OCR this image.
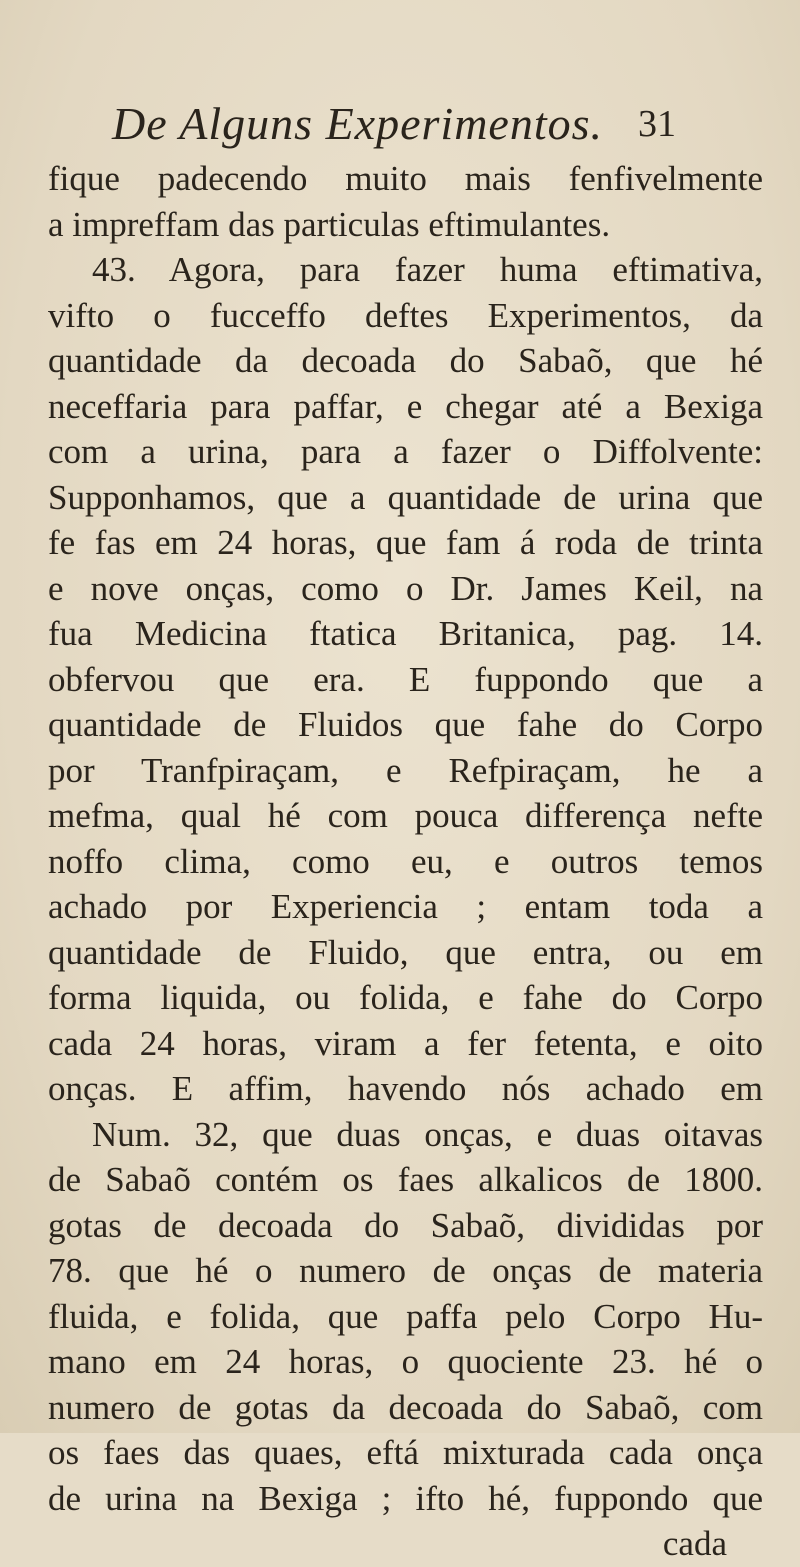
De Alguns Experimentos. 31
fique padecendo muito mais fenfivelmente
a impreffam das particulas eftimulantes.
43. Agora, para fazer huma eftimativa,
vifto o fucceffo deftes Experimentos, da
quantidade da decoada do Sabaõ, que hé
neceffaria para paffar, e chegar até a Bexiga
com a urina, para a fazer o Diffolvente:
Supponhamos, que a quantidade de urina que
fe fas em 24 horas, que fam á roda de trinta
e nove onças, como o Dr. James Keil, na
fua Medicina ftatica Britanica, pag. 14.
obfervou que era. E fuppondo que a
quantidade de Fluidos que fahe do Corpo
por Tranfpiraçam, e Refpiraçam, he a
mefma, qual hé com pouca differença nefte
noffo clima, como eu, e outros temos
achado por Experiencia ; entam toda a
quantidade de Fluido, que entra, ou em
forma liquida, ou folida, e fahe do Corpo
cada 24 horas, viram a fer fetenta, e oito
onças. E affim, havendo nós achado em
Num. 32, que duas onças, e duas oitavas
de Sabaõ contém os faes alkalicos de 1800.
gotas de decoada do Sabaõ, divididas por
78. que hé o numero de onças de materia
fluida, e folida, que paffa pelo Corpo Hu-
mano em 24 horas, o quociente 23. hé o
numero de gotas da decoada do Sabaõ, com
os faes das quaes, eftá mixturada cada onça
de urina na Bexiga ; ifto hé, fuppondo que
cada
